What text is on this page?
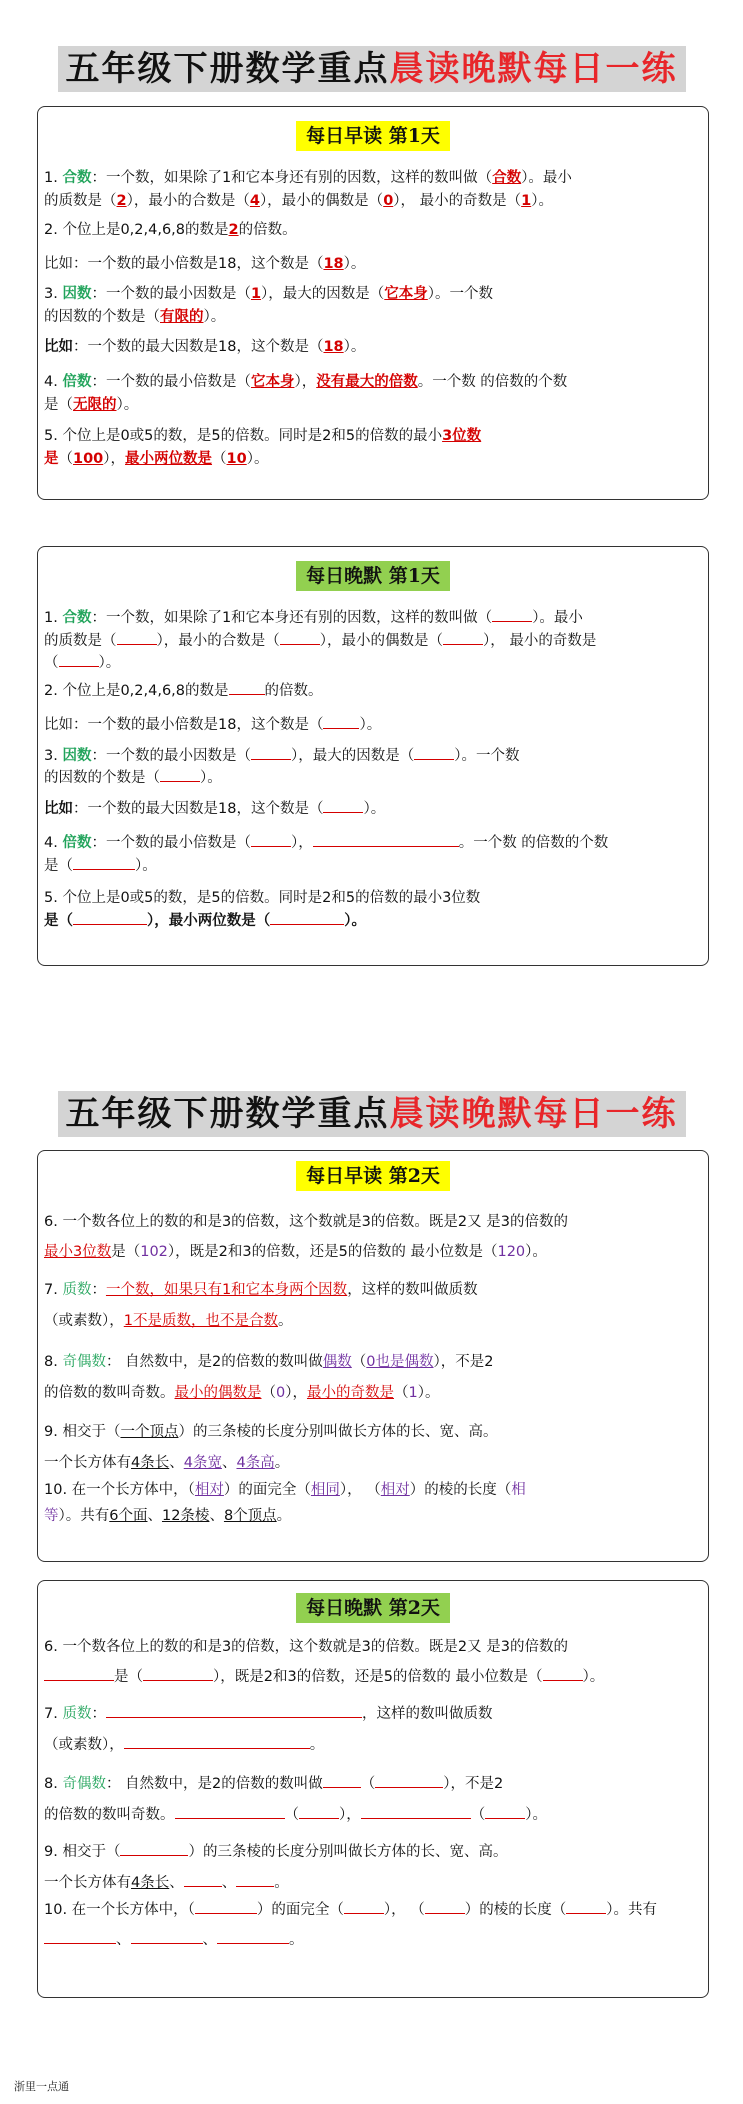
五年级下册数学重点晨读晚默每日一练
每日早读 第1天
1. 合数：一个数，如果除了1和它本身还有别的因数，这样的数叫做（合数）。最小
的质数是（2），最小的合数是（4），最小的偶数是（0）， 最小的奇数是（1）。
2. 个位上是0,2,4,6,8的数是2的倍数。
比如：一个数的最小倍数是18，这个数是（18）。
3. 因数：一个数的最小因数是（1），最大的因数是（它本身）。一个数
的因数的个数是（有限的）。
比如：一个数的最大因数是18，这个数是（18）。
4. 倍数：一个数的最小倍数是（它本身），没有最大的倍数。一个数 的倍数的个数
是（无限的）。
5. 个位上是0或5的数，是5的倍数。同时是2和5的倍数的最小3位数
是（100），最小两位数是（10）。
每日晚默 第1天
1. 合数：一个数，如果除了1和它本身还有别的因数，这样的数叫做（	）。最小
的质数是（	），最小的合数是（	），最小的偶数是（	）， 最小的奇数是
（	）。
2. 个位上是0,2,4,6,8的数是 的倍数。
比如：一个数的最小倍数是18，这个数是（ ）。
3. 因数：一个数的最小因数是（	），最大的因数是（	）。一个数
的因数的个数是（	）。
比如：一个数的最大因数是18，这个数是（	）。
4. 倍数：一个数的最小倍数是（	），	。一个数 的倍数的个数
是（	）。
5. 个位上是0或5的数，是5的倍数。同时是2和5的倍数的最小3位数
是（	），最小两位数是（	）。
五年级下册数学重点晨读晚默每日一练
每日早读 第2天
6. 一个数各位上的数的和是3的倍数，这个数就是3的倍数。既是2又 是3的倍数的
最小3位数是（102），既是2和3的倍数，还是5的倍数的 最小位数是（120）。
7. 质数：一个数，如果只有1和它本身两个因数，这样的数叫做质数
（或素数），1不是质数，也不是合数。
8. 奇偶数： 自然数中，是2的倍数的数叫做偶数（0也是偶数），不是2
的倍数的数叫奇数。最小的偶数是（0），最小的奇数是（1）。
9. 相交于（一个顶点）的三条棱的长度分别叫做长方体的长、宽、高。
一个长方体有4条长、4条宽、4条高。
10. 在一个长方体中，（相对）的面完全（相同）， （相对）的棱的长度（相
等）。共有6个面、12条棱、8个顶点。
每日晚默 第2天
6. 一个数各位上的数的和是3的倍数，这个数就是3的倍数。既是2又 是3的倍数的
是（	），既是2和3的倍数，还是5的倍数的 最小位数是（	）。
7. 质数：	，这样的数叫做质数
（或素数），	。
8. 奇偶数： 自然数中，是2的倍数的数叫做	（	），不是2
的倍数的数叫奇数。	（	），	（	）。
9. 相交于（	）的三条棱的长度分别叫做长方体的长、宽、高。
一个长方体有4条长、	、	。
10. 在一个长方体中，（	）的面完全（	）， （	）的棱的长度（	）。共有
、	、	。
浙里一点通
